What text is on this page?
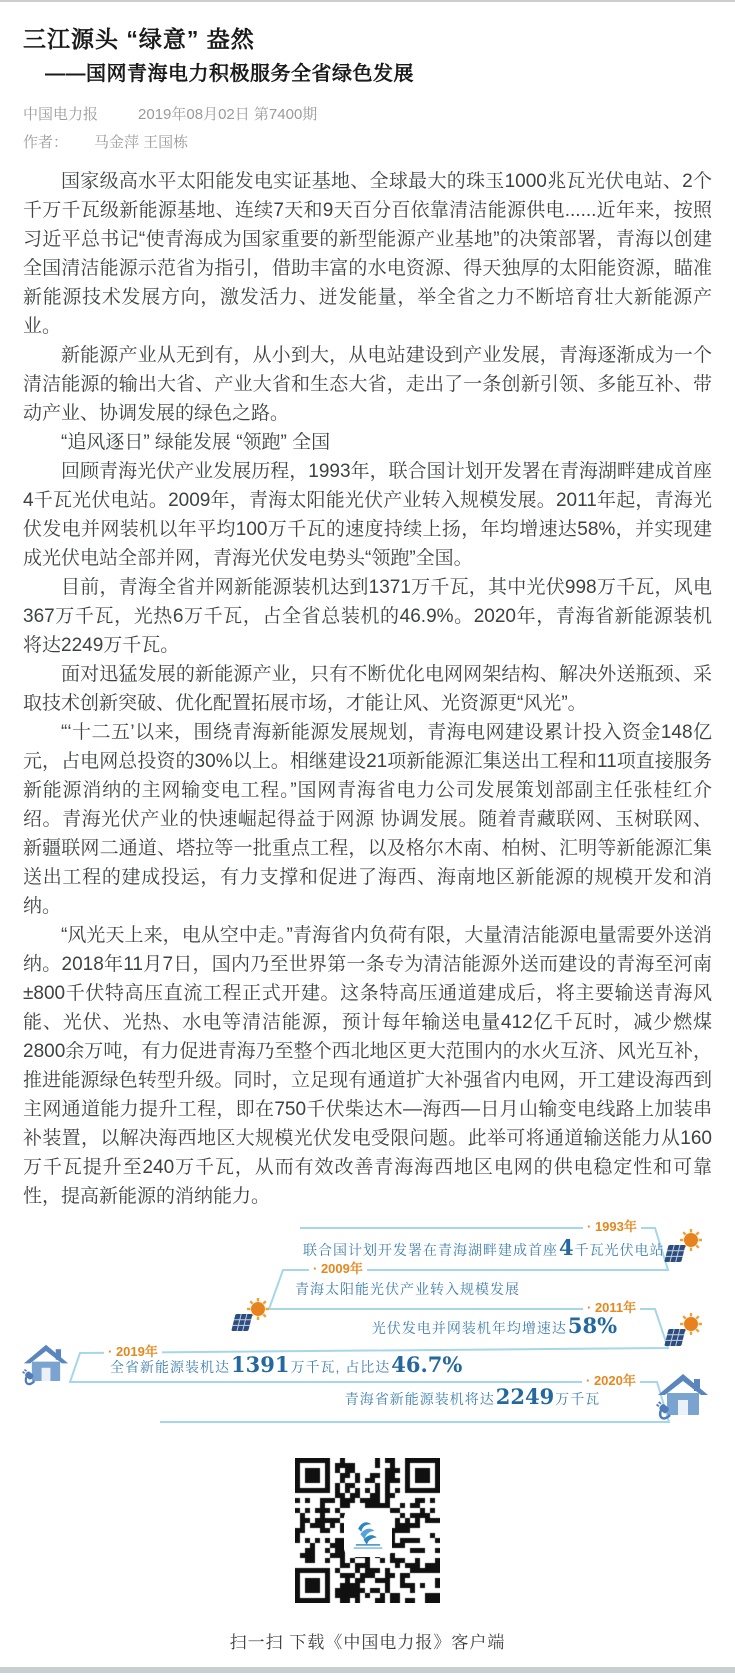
三江源头 “绿意” 盎然
——国网青海电力积极服务全省绿色发展
中国电力报	2019年08月02日 第7400期
作者： 马金萍 王国栋

国家级高水平太阳能发电实证基地、全球最大的珠玉1000兆瓦光伏电站、2个千万千瓦级新能源基地、连续7天和9天百分百依靠清洁能源供电......近年来，按照习近平总书记“使青海成为国家重要的新型能源产业基地”的决策部署，青海以创建全国清洁能源示范省为指引，借助丰富的水电资源、得天独厚的太阳能资源，瞄准新能源技术发展方向，激发活力、迸发能量，举全省之力不断培育壮大新能源产业。

新能源产业从无到有，从小到大，从电站建设到产业发展，青海逐渐成为一个清洁能源的输出大省、产业大省和生态大省，走出了一条创新引领、多能互补、带动产业、协调发展的绿色之路。

“追风逐日” 绿能发展 “领跑” 全国

回顾青海光伏产业发展历程，1993年，联合国计划开发署在青海湖畔建成首座4千瓦光伏电站。2009年，青海太阳能光伏产业转入规模发展。2011年起，青海光伏发电并网装机以年平均100万千瓦的速度持续上扬，年均增速达58%，并实现建成光伏电站全部并网，青海光伏发电势头“领跑”全国。

目前，青海全省并网新能源装机达到1371万千瓦，其中光伏998万千瓦，风电367万千瓦，光热6万千瓦，占全省总装机的46.9%。2020年，青海省新能源装机将达2249万千瓦。

面对迅猛发展的新能源产业，只有不断优化电网网架结构、解决外送瓶颈、采取技术创新突破、优化配置拓展市场，才能让风、光资源更“风光”。

“‘十二五’以来，围绕青海新能源发展规划，青海电网建设累计投入资金148亿元，占电网总投资的30%以上。相继建设21项新能源汇集送出工程和11项直接服务新能源消纳的主网输变电工程。”国网青海省电力公司发展策划部副主任张桂红介绍。青海光伏产业的快速崛起得益于网源 协调发展。随着青藏联网、玉树联网、新疆联网二通道、塔拉等一批重点工程，以及格尔木南、柏树、汇明等新能源汇集送出工程的建成投运，有力支撑和促进了海西、海南地区新能源的规模开发和消纳。

“风光天上来，电从空中走。”青海省内负荷有限，大量清洁能源电量需要外送消纳。2018年11月7日，国内乃至世界第一条专为清洁能源外送而建设的青海至河南±800千伏特高压直流工程正式开建。这条特高压通道建成后，将主要输送青海风能、光伏、光热、水电等清洁能源，预计每年输送电量412亿千瓦时，减少燃煤2800余万吨，有力促进青海乃至整个西北地区更大范围内的水火互济、风光互补，推进能源绿色转型升级。同时，立足现有通道扩大补强省内电网，开工建设海西到主网通道能力提升工程，即在750千伏柴达木—海西—日月山输变电线路上加装串补装置，以解决海西地区大规模光伏发电受限问题。此举可将通道输送能力从160万千瓦提升至240万千瓦，从而有效改善青海海西地区电网的供电稳定性和可靠性，提高新能源的消纳能力。

· 1993年
· 2009年
· 2011年
· 2019年
· 2020年
联合国计划开发署在青海湖畔建成首座4千瓦光伏电站
青海太阳能光伏产业转入规模发展
光伏发电并网装机年均增速达58%
全省新能源装机达1391万千瓦, 占比达46.7%
青海省新能源装机将达2249万千瓦
扫一扫 下载《中国电力报》客户端
